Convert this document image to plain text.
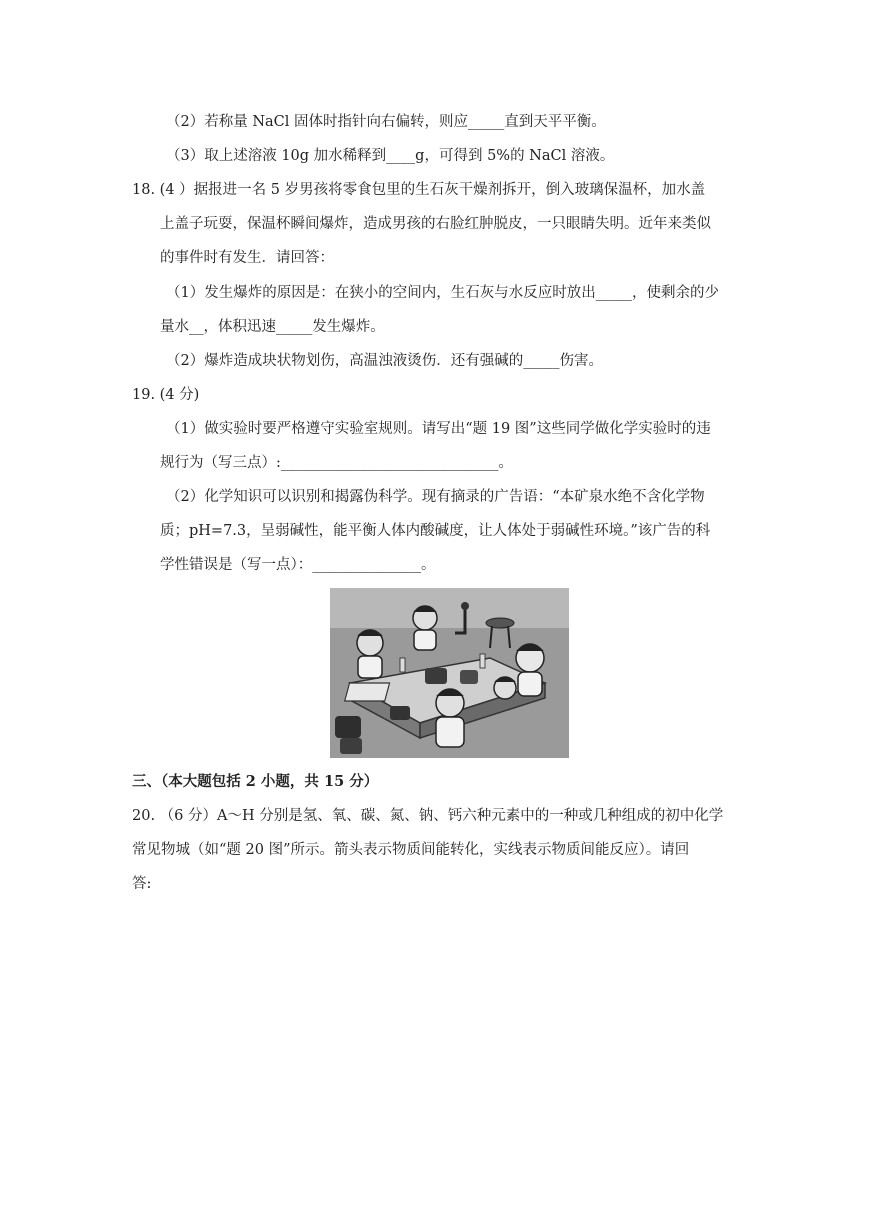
（2）若称量 NaCl 固体时指针向右偏转，则应_____直到天平平衡。
（3）取上述溶液 10g 加水稀释到____g，可得到 5%的 NaCl 溶液。
18. (4 ）据报进一名 5 岁男孩将零食包里的生石灰干燥剂拆开，倒入玻璃保温杯，加水盖
上盖子玩耍，保温杯瞬间爆炸，造成男孩的右脸红肿脱皮，一只眼睛失明。近年来类似
的事件时有发生．请回答：
（1）发生爆炸的原因是：在狭小的空间内，生石灰与水反应时放出_____，使剩余的少
量水__，体积迅速_____发生爆炸。
（2）爆炸造成块状物划伤，高温浊液烫伤．还有强碱的_____伤害。
19. (4 分)
（1）做实验时要严格遵守实验室规则。请写出“题 19 图”这些同学做化学实验时的违
规行为（写三点）:______________________________。
（2）化学知识可以识别和揭露伪科学。现有摘录的广告语：“本矿泉水绝不含化学物
质；pH=7.3，呈弱碱性，能平衡人体内酸碱度，让人体处于弱碱性环境。”该广告的科
学性错误是（写一点）：_______________。
三、（本大题包括 2 小题，共 15 分）
20. （6 分）A～H 分别是氢、氧、碳、氮、钠、钙六种元素中的一种或几种组成的初中化学
常见物城（如“题 20 图”所示。箭头表示物质间能转化，实线表示物质间能反应）。请回
答:
